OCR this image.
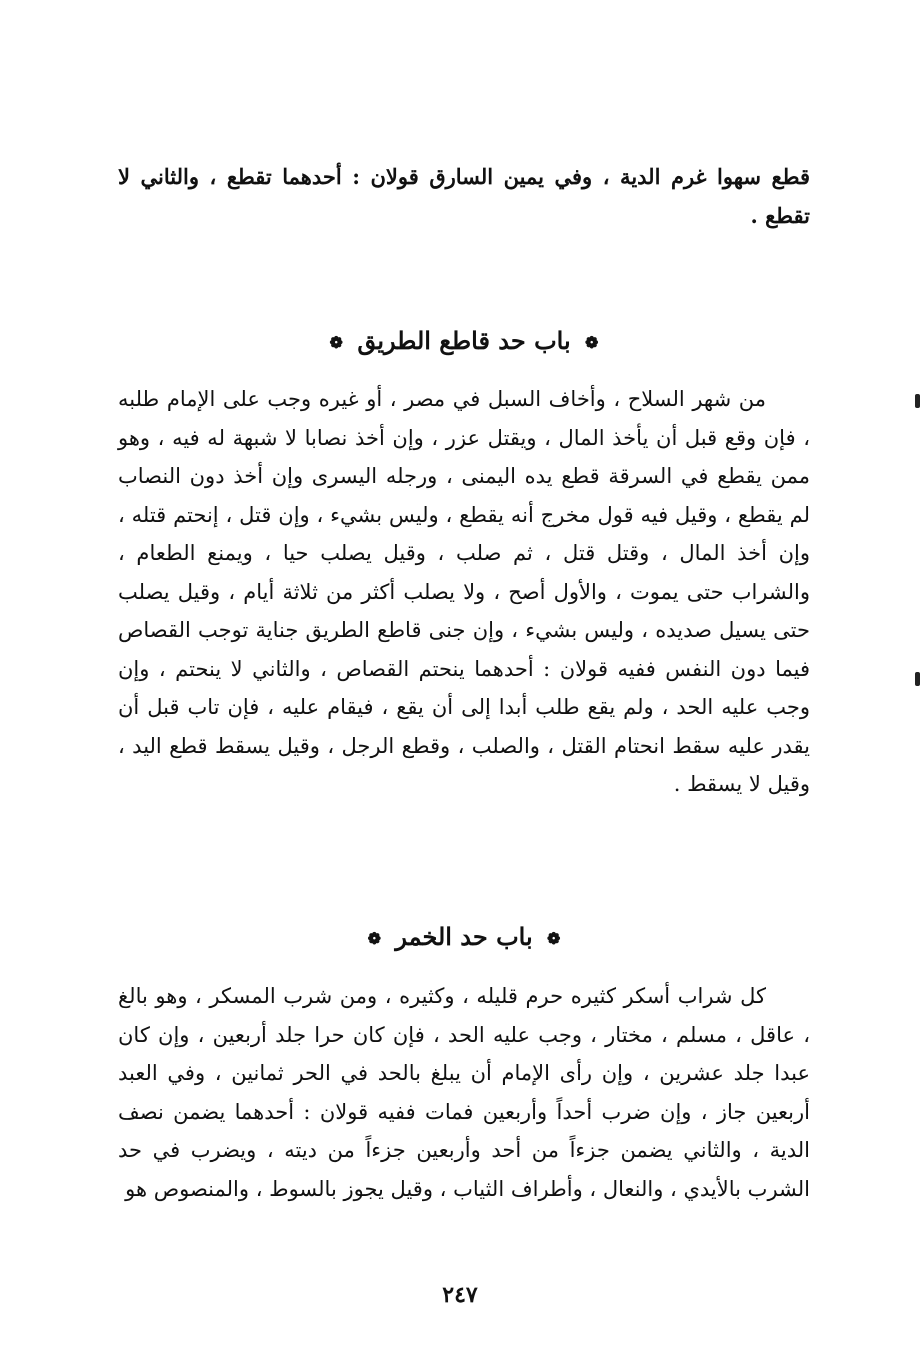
قطع سهوا غرم الدية ، وفي يمين السارق قولان : أحدهما تقطع ، والثاني لا تقطع .

❁ باب حد قاطع الطريق ❁

من شهر السلاح ، وأخاف السبل في مصر ، أو غيره وجب على الإمام طلبه ، فإن وقع قبل أن يأخذ المال ، ويقتل عزر ، وإن أخذ نصابا لا شبهة له فيه ، وهو ممن يقطع في السرقة قطع يده اليمنى ، ورجله اليسرى وإن أخذ دون النصاب لم يقطع ، وقيل فيه قول مخرج أنه يقطع ، وليس بشيء ، وإن قتل ، إنحتم قتله ، وإن أخذ المال ، وقتل قتل ، ثم صلب ، وقيل يصلب حيا ، ويمنع الطعام ، والشراب حتى يموت ، والأول أصح ، ولا يصلب أكثر من ثلاثة أيام ، وقيل يصلب حتى يسيل صديده ، وليس بشيء ، وإن جنى قاطع الطريق جناية توجب القصاص فيما دون النفس ففيه قولان : أحدهما ينحتم القصاص ، والثاني لا ينحتم ، وإن وجب عليه الحد ، ولم يقع طلب أبدا إلى أن يقع ، فيقام عليه ، فإن تاب قبل أن يقدر عليه سقط انحتام القتل ، والصلب ، وقطع الرجل ، وقيل يسقط قطع اليد ، وقيل لا يسقط .

❁ باب حد الخمر ❁

كل شراب أسكر كثيره حرم قليله ، وكثيره ، ومن شرب المسكر ، وهو بالغ ، عاقل ، مسلم ، مختار ، وجب عليه الحد ، فإن كان حرا جلد أربعين ، وإن كان عبدا جلد عشرين ، وإن رأى الإمام أن يبلغ بالحد في الحر ثمانين ، وفي العبد أربعين جاز ، وإن ضرب أحداً وأربعين فمات ففيه قولان : أحدهما يضمن نصف الدية ، والثاني يضمن جزءاً من أحد وأربعين جزءاً من ديته ، ويضرب في حد الشرب بالأيدي ، والنعال ، وأطراف الثياب ، وقيل يجوز بالسوط ، والمنصوص هو

٢٤٧
